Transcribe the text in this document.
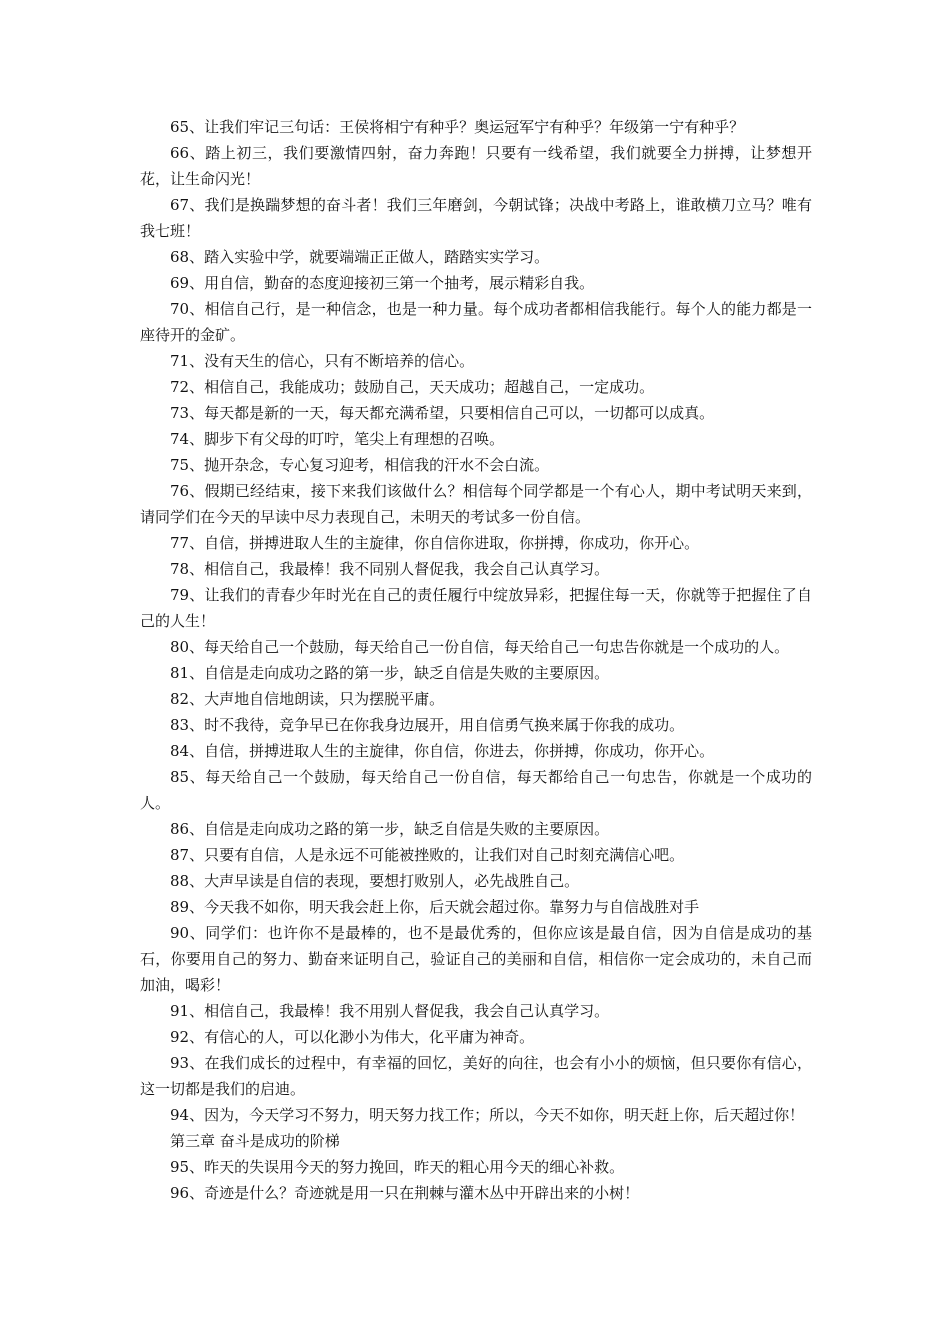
65、让我们牢记三句话：王侯将相宁有种乎？奥运冠军宁有种乎？年级第一宁有种乎？

66、踏上初三，我们要激情四射，奋力奔跑！只要有一线希望，我们就要全力拼搏，让梦想开花，让生命闪光！

67、我们是换踹梦想的奋斗者！我们三年磨剑，今朝试锋；决战中考路上，谁敢横刀立马？唯有我七班！

68、踏入实验中学，就要端端正正做人，踏踏实实学习。

69、用自信，勤奋的态度迎接初三第一个抽考，展示精彩自我。

70、相信自己行，是一种信念，也是一种力量。每个成功者都相信我能行。每个人的能力都是一座待开的金矿。

71、没有天生的信心，只有不断培养的信心。

72、相信自己，我能成功；鼓励自己，天天成功；超越自己，一定成功。

73、每天都是新的一天，每天都充满希望，只要相信自己可以，一切都可以成真。

74、脚步下有父母的叮咛，笔尖上有理想的召唤。

75、抛开杂念，专心复习迎考，相信我的汗水不会白流。

76、假期已经结束，接下来我们该做什么？相信每个同学都是一个有心人，期中考试明天来到，请同学们在今天的早读中尽力表现自己，未明天的考试多一份自信。

77、自信，拼搏进取人生的主旋律，你自信你进取，你拼搏，你成功，你开心。

78、相信自己，我最棒！我不同别人督促我，我会自己认真学习。

79、让我们的青春少年时光在自己的责任履行中绽放异彩，把握住每一天，你就等于把握住了自己的人生！

80、每天给自己一个鼓励，每天给自己一份自信，每天给自己一句忠告你就是一个成功的人。

81、自信是走向成功之路的第一步，缺乏自信是失败的主要原因。

82、大声地自信地朗读，只为摆脱平庸。

83、时不我待，竞争早已在你我身边展开，用自信勇气换来属于你我的成功。

84、自信，拼搏进取人生的主旋律，你自信，你进去，你拼搏，你成功，你开心。

85、每天给自己一个鼓励，每天给自己一份自信，每天都给自己一句忠告，你就是一个成功的人。

86、自信是走向成功之路的第一步，缺乏自信是失败的主要原因。

87、只要有自信，人是永远不可能被挫败的，让我们对自己时刻充满信心吧。

88、大声早读是自信的表现，要想打败别人，必先战胜自己。

89、今天我不如你，明天我会赶上你，后天就会超过你。靠努力与自信战胜对手

90、同学们：也许你不是最棒的，也不是最优秀的，但你应该是最自信，因为自信是成功的基石，你要用自己的努力、勤奋来证明自己，验证自己的美丽和自信，相信你一定会成功的，未自己而加油，喝彩！

91、相信自己，我最棒！我不用别人督促我，我会自己认真学习。

92、有信心的人，可以化渺小为伟大，化平庸为神奇。

93、在我们成长的过程中，有幸福的回忆，美好的向往，也会有小小的烦恼，但只要你有信心，这一切都是我们的启迪。

94、因为，今天学习不努力，明天努力找工作；所以，今天不如你，明天赶上你，后天超过你！

第三章 奋斗是成功的阶梯

95、昨天的失误用今天的努力挽回，昨天的粗心用今天的细心补救。

96、奇迹是什么？奇迹就是用一只在荆棘与灌木丛中开辟出来的小树！
